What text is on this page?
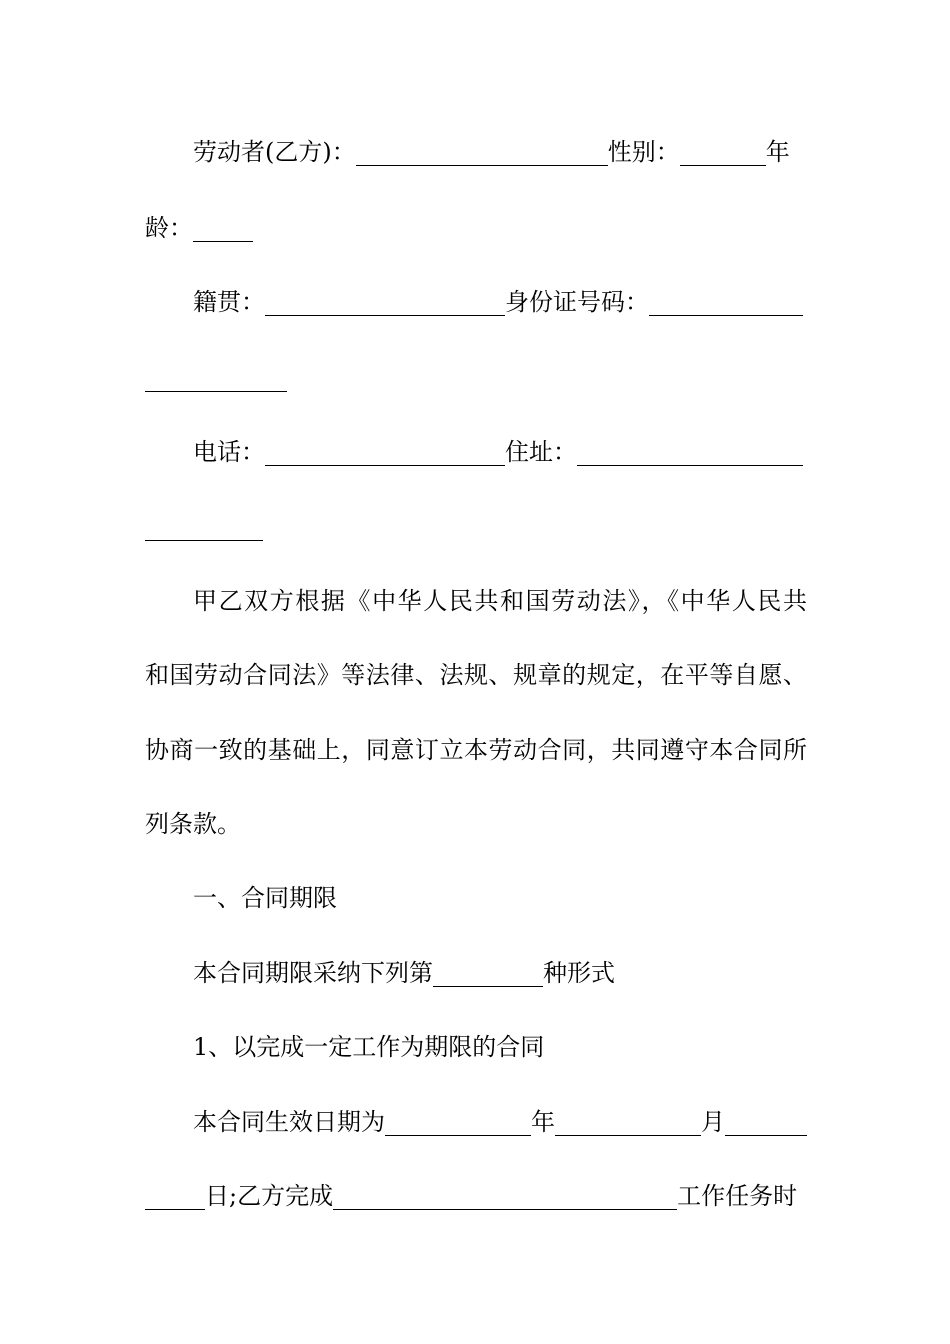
劳动者(乙方)：	性别：	年
龄：
籍贯：	身份证号码：
电话：	住址：
甲乙双方根据《中华人民共和国劳动法》，《中华人民共
和国劳动合同法》等法律、法规、规章的规定，在平等自愿、
协商一致的基础上，同意订立本劳动合同，共同遵守本合同所
列条款。
一、合同期限
本合同期限采纳下列第	种形式
1、以完成一定工作为期限的合同
本合同生效日期为	年	月
日;乙方完成	工作任务时
